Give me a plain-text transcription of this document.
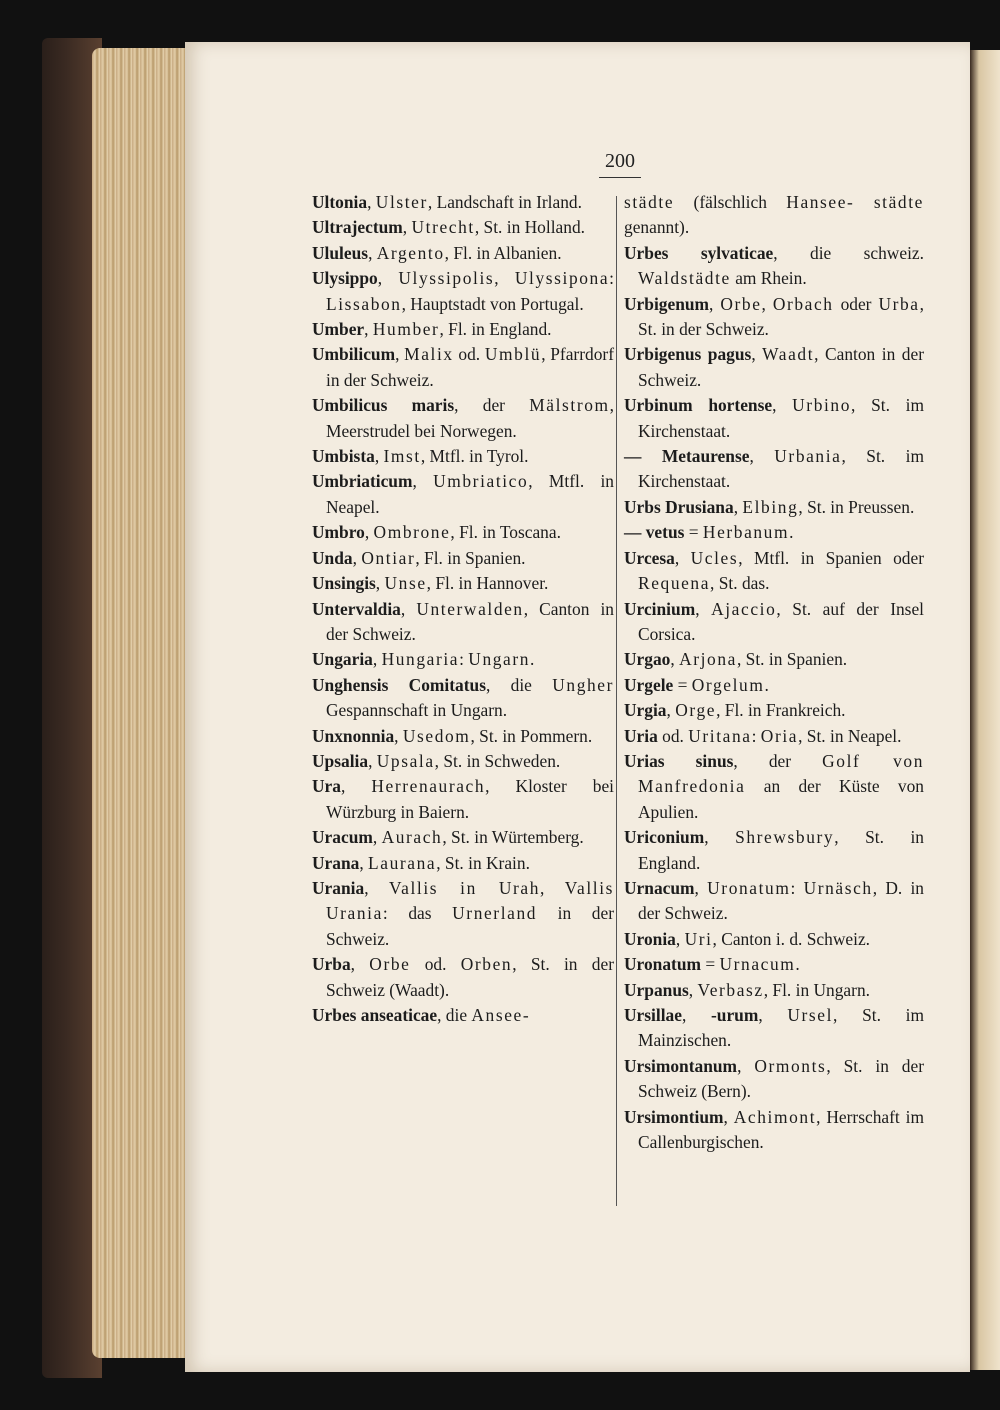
200
Ultonia, Ulster, Landschaft in Irland.
Ultrajectum, Utrecht, St. in Holland.
Ululeus, Argento, Fl. in Albanien.
Ulysippo, Ulyssipolis, Ulyssipona: Lissabon, Hauptstadt von Portugal.
Umber, Humber, Fl. in England.
Umbilicum, Malix od. Umblü, Pfarrdorf in der Schweiz.
Umbilicus maris, der Mälstrom, Meerstrudel bei Norwegen.
Umbista, Imst, Mtfl. in Tyrol.
Umbriaticum, Umbriatico, Mtfl. in Neapel.
Umbro, Ombrone, Fl. in Toscana.
Unda, Ontiar, Fl. in Spanien.
Unsingis, Unse, Fl. in Hannover.
Untervaldia, Unterwalden, Canton in der Schweiz.
Ungaria, Hungaria: Ungarn.
Unghensis Comitatus, die Ungher Gespannschaft in Ungarn.
Unxnonnia, Usedom, St. in Pommern.
Upsalia, Upsala, St. in Schweden.
Ura, Herrenaurach, Kloster bei Würzburg in Baiern.
Uracum, Aurach, St. in Würtemberg.
Urana, Laurana, St. in Krain.
Urania, Vallis in Urah, Vallis Urania: das Urnerland in der Schweiz.
Urba, Orbe od. Orben, St. in der Schweiz (Waadt).
Urbes anseaticae, die Ansee-
städte (fälschlich Hansee- städte genannt).
Urbes sylvaticae, die schweiz. Waldstädte am Rhein.
Urbigenum, Orbe, Orbach oder Urba, St. in der Schweiz.
Urbigenus pagus, Waadt, Canton in der Schweiz.
Urbinum hortense, Urbino, St. im Kirchenstaat.
— Metaurense, Urbania, St. im Kirchenstaat.
Urbs Drusiana, Elbing, St. in Preussen.
— vetus = Herbanum.
Urcesa, Ucles, Mtfl. in Spanien oder Requena, St. das.
Urcinium, Ajaccio, St. auf der Insel Corsica.
Urgao, Arjona, St. in Spanien.
Urgele = Orgelum.
Urgia, Orge, Fl. in Frankreich.
Uria od. Uritana: Oria, St. in Neapel.
Urias sinus, der Golf von Manfredonia an der Küste von Apulien.
Uriconium, Shrewsbury, St. in England.
Urnacum, Uronatum: Urnäsch, D. in der Schweiz.
Uronia, Uri, Canton i. d. Schweiz.
Uronatum = Urnacum.
Urpanus, Verbasz, Fl. in Ungarn.
Ursillae, -urum, Ursel, St. im Mainzischen.
Ursimontanum, Ormonts, St. in der Schweiz (Bern).
Ursimontium, Achimont, Herrschaft im Callenburgischen.
